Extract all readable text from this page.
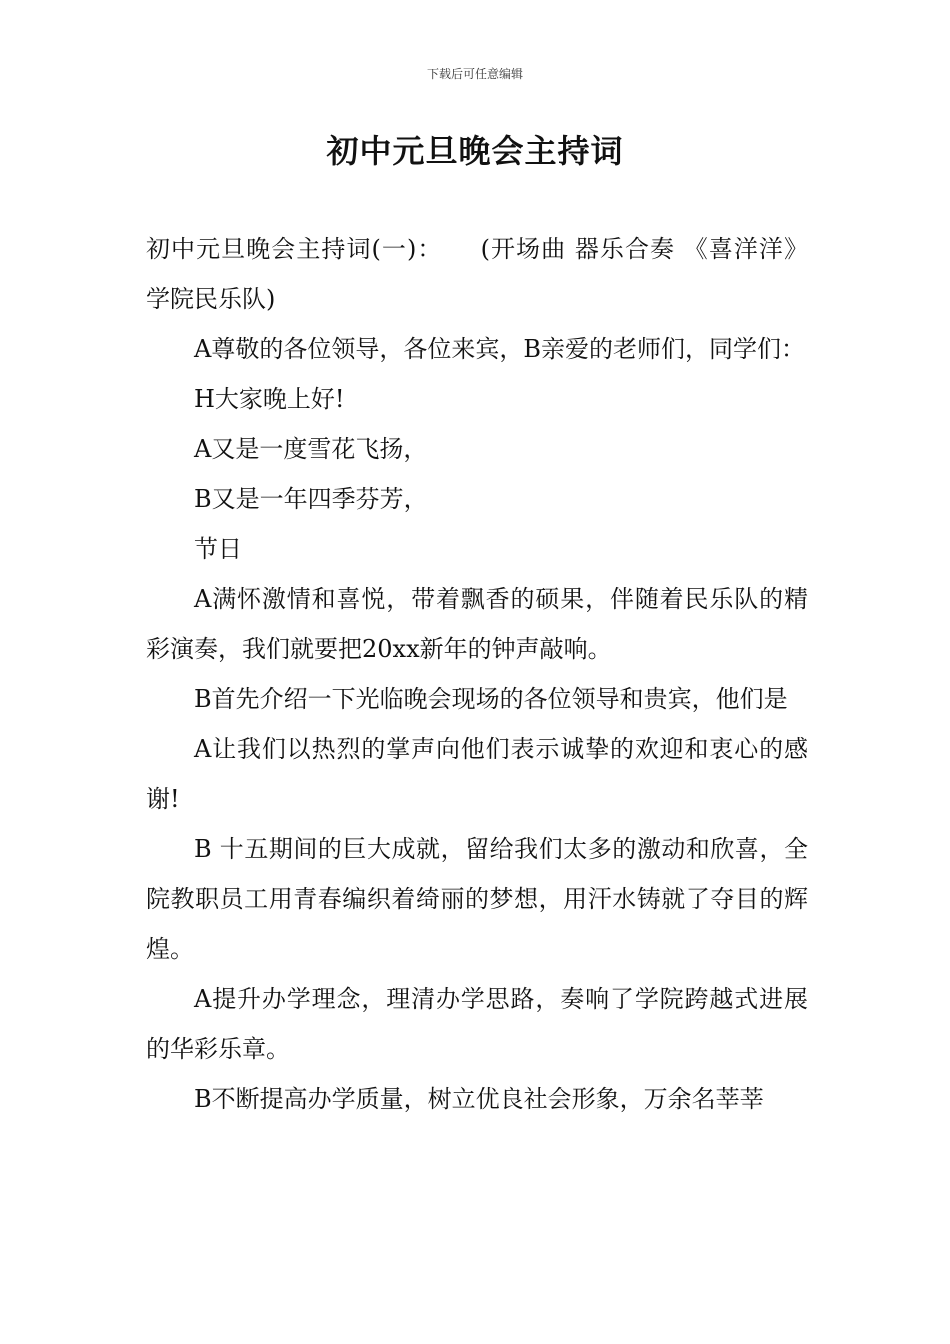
下载后可任意编辑
初中元旦晚会主持词

初中元旦晚会主持词(一)：　　(开场曲 器乐合奏 《喜洋洋》 学院民乐队)

A尊敬的各位领导，各位来宾，B亲爱的老师们，同学们：

H大家晚上好!

A又是一度雪花飞扬，

B又是一年四季芬芳，

节日

A满怀激情和喜悦，带着飘香的硕果，伴随着民乐队的精彩演奏，我们就要把20xx新年的钟声敲响。

B首先介绍一下光临晚会现场的各位领导和贵宾，他们是

A让我们以热烈的掌声向他们表示诚挚的欢迎和衷心的感谢!

B 十五期间的巨大成就，留给我们太多的激动和欣喜，全院教职员工用青春编织着绮丽的梦想，用汗水铸就了夺目的辉煌。

A提升办学理念，理清办学思路，奏响了学院跨越式进展的华彩乐章。

B不断提高办学质量，树立优良社会形象，万余名莘莘
